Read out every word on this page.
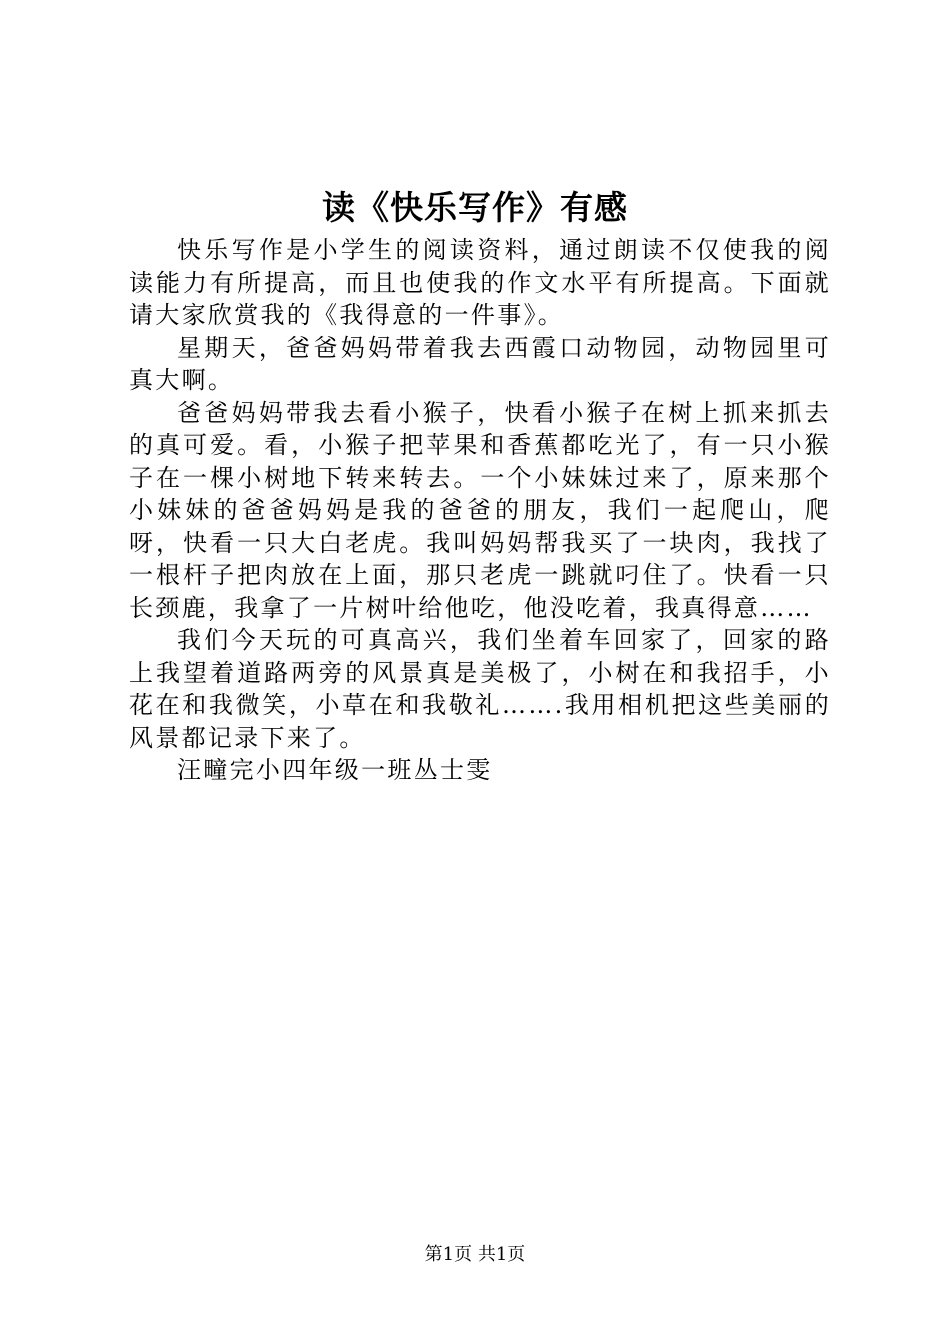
读《快乐写作》有感

快乐写作是小学生的阅读资料，通过朗读不仅使我的阅读能力有所提高，而且也使我的作文水平有所提高。下面就请大家欣赏我的《我得意的一件事》。

星期天，爸爸妈妈带着我去西霞口动物园，动物园里可真大啊。

爸爸妈妈带我去看小猴子，快看小猴子在树上抓来抓去的真可爱。看，小猴子把苹果和香蕉都吃光了，有一只小猴子在一棵小树地下转来转去。一个小妹妹过来了，原来那个小妹妹的爸爸妈妈是我的爸爸的朋友，我们一起爬山，爬呀，快看一只大白老虎。我叫妈妈帮我买了一块肉，我找了一根杆子把肉放在上面，那只老虎一跳就叼住了。快看一只长颈鹿，我拿了一片树叶给他吃，他没吃着，我真得意……

我们今天玩的可真高兴，我们坐着车回家了，回家的路上我望着道路两旁的风景真是美极了，小树在和我招手，小花在和我微笑，小草在和我敬礼…….我用相机把这些美丽的风景都记录下来了。

汪疃完小四年级一班丛士雯

第1页 共1页
